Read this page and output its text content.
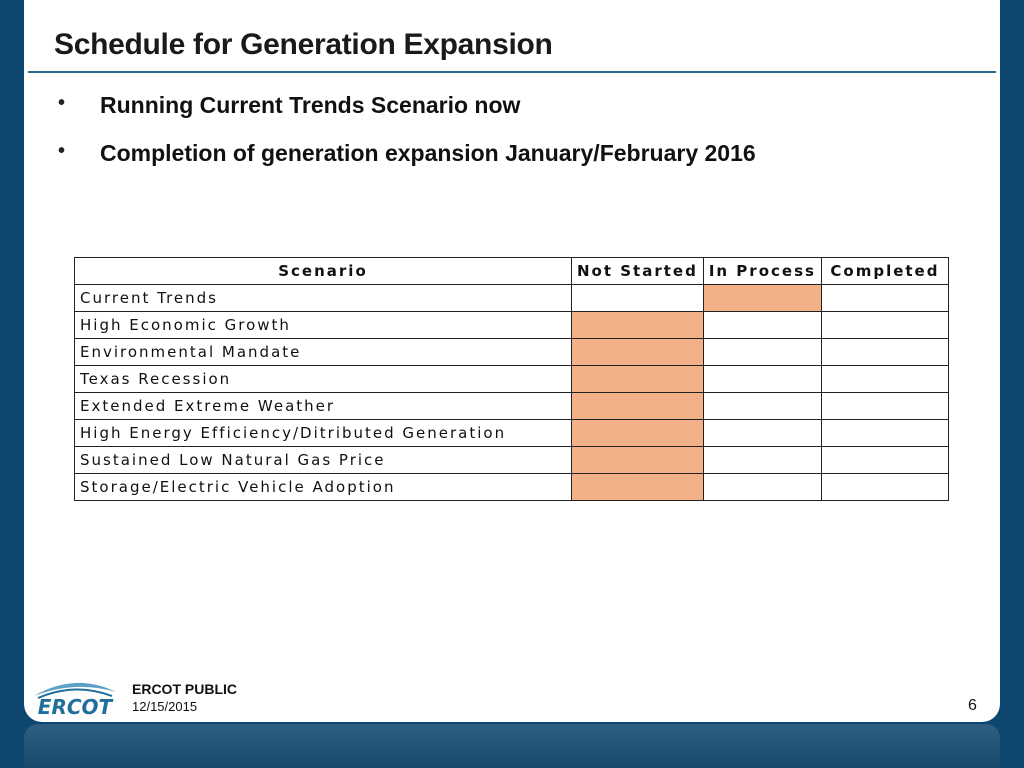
Schedule for Generation Expansion
• Running Current Trends Scenario now
• Completion of generation expansion January/February 2016
Scenario	Not Started	In Process	Completed
Current Trends			
High Economic Growth			
Environmental Mandate			
Texas Recession			
Extended Extreme Weather			
High Energy Efficiency/Ditributed Generation			
Sustained Low Natural Gas Price			
Storage/Electric Vehicle Adoption			
ERCOT
ERCOT PUBLIC
12/15/2015	6
